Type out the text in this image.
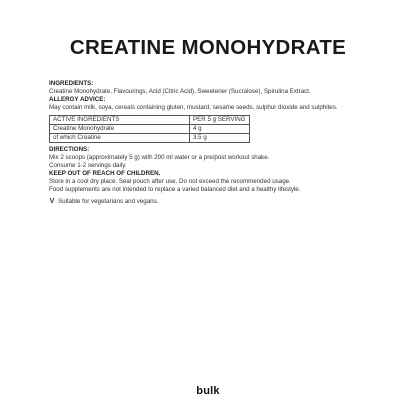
CREATINE MONOHYDRATE
INGREDIENTS:
Creatine Monohydrate, Flavourings, Acid (Citric Acid), Sweetener (Sucralose), Spirulina Extract.
ALLERGY ADVICE:
May contain milk, soya, cereals containing gluten, mustard, sesame seeds, sulphur dioxide and sulphites.
ACTIVE INGREDIENTS	PER 5 g SERVING
Creatine Monohydrate	4 g
of which Creatine	3.5 g
DIRECTIONS:
Mix 2 scoops (approximately 5 g) with 200 ml water or a pre/post workout shake.
Consume 1-2 servings daily.
KEEP OUT OF REACH OF CHILDREN.
Store in a cool dry place. Seal pouch after use. Do not exceed the recommended usage.
Food supplements are not intended to replace a varied balanced diet and a healthy lifestyle.
V Suitable for vegetarians and vegans.
bulk
